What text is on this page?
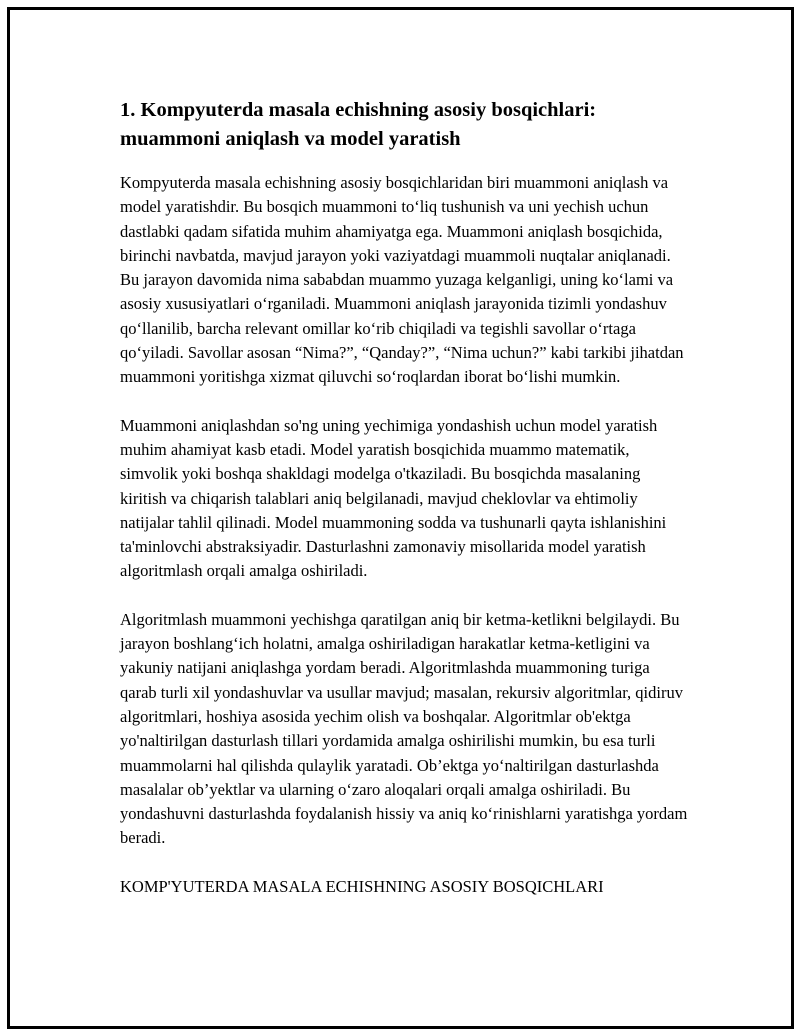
1. Kompyuterda masala echishning asosiy bosqichlari: muammoni aniqlash va model yaratish

Kompyuterda masala echishning asosiy bosqichlaridan biri muammoni aniqlash va model yaratishdir. Bu bosqich muammoni to‘liq tushunish va uni yechish uchun dastlabki qadam sifatida muhim ahamiyatga ega. Muammoni aniqlash bosqichida, birinchi navbatda, mavjud jarayon yoki vaziyatdagi muammoli nuqtalar aniqlanadi. Bu jarayon davomida nima sababdan muammo yuzaga kelganligi, uning ko‘lami va asosiy xususiyatlari o‘rganiladi. Muammoni aniqlash jarayonida tizimli yondashuv qo‘llanilib, barcha relevant omillar ko‘rib chiqiladi va tegishli savollar o‘rtaga qo‘yiladi. Savollar asosan “Nima?”, “Qanday?”, “Nima uchun?” kabi tarkibi jihatdan muammoni yoritishga xizmat qiluvchi so‘roqlardan iborat bo‘lishi mumkin.

Muammoni aniqlashdan so'ng uning yechimiga yondashish uchun model yaratish muhim ahamiyat kasb etadi. Model yaratish bosqichida muammo matematik, simvolik yoki boshqa shakldagi modelga o'tkaziladi. Bu bosqichda masalaning kiritish va chiqarish talablari aniq belgilanadi, mavjud cheklovlar va ehtimoliy natijalar tahlil qilinadi. Model muammoning sodda va tushunarli qayta ishlanishini ta'minlovchi abstraksiyadir. Dasturlashni zamonaviy misollarida model yaratish algoritmlash orqali amalga oshiriladi.

Algoritmlash muammoni yechishga qaratilgan aniq bir ketma-ketlikni belgilaydi. Bu jarayon boshlang‘ich holatni, amalga oshiriladigan harakatlar ketma-ketligini va yakuniy natijani aniqlashga yordam beradi. Algoritmlashda muammoning turiga qarab turli xil yondashuvlar va usullar mavjud; masalan, rekursiv algoritmlar, qidiruv algoritmlari, hoshiya asosida yechim olish va boshqalar. Algoritmlar ob'ektga yo'naltirilgan dasturlash tillari yordamida amalga oshirilishi mumkin, bu esa turli muammolarni hal qilishda qulaylik yaratadi. Ob’ektga yo‘naltirilgan dasturlashda masalalar ob’yektlar va ularning o‘zaro aloqalari orqali amalga oshiriladi. Bu yondashuvni dasturlashda foydalanish hissiy va aniq ko‘rinishlarni yaratishga yordam beradi.

KOMP'YUTERDA MASALA ECHISHNING ASOSIY BOSQICHLARI
